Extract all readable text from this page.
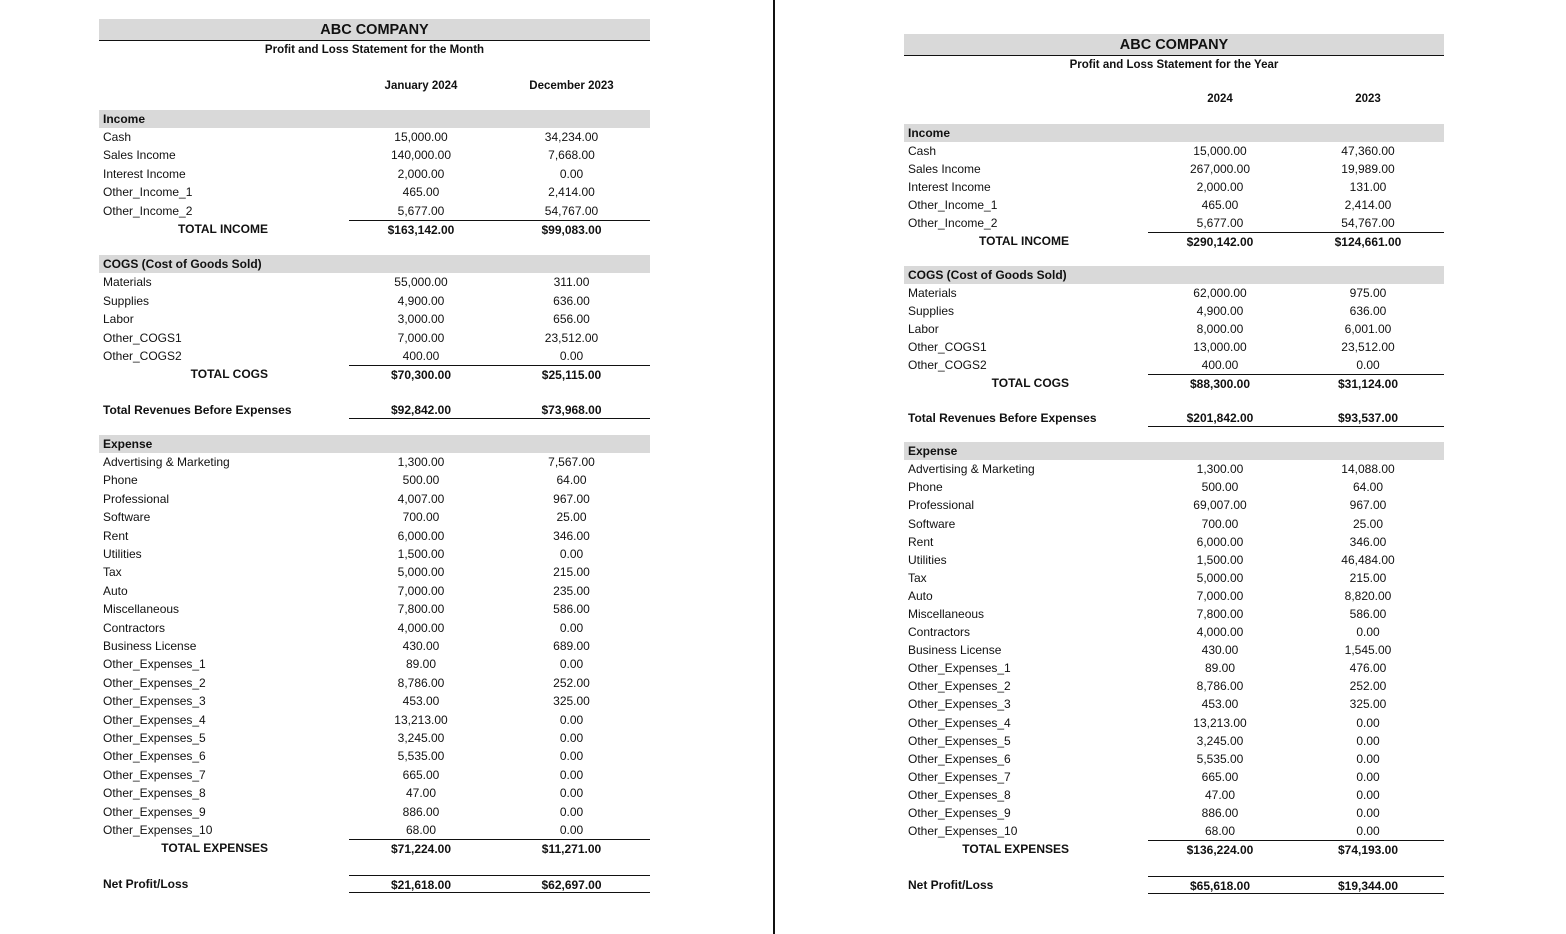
ABC COMPANY
Profit and Loss Statement for the Month
January 2024	December 2023
Income
Cash	15,000.00	34,234.00
Sales Income	140,000.00	7,668.00
Interest Income	2,000.00	0.00
Other_Income_1	465.00	2,414.00
Other_Income_2	5,677.00	54,767.00
TOTAL INCOME	$163,142.00	$99,083.00
COGS (Cost of Goods Sold)
Materials	55,000.00	311.00
Supplies	4,900.00	636.00
Labor	3,000.00	656.00
Other_COGS1	7,000.00	23,512.00
Other_COGS2	400.00	0.00
TOTAL COGS	$70,300.00	$25,115.00
Total Revenues Before Expenses	$92,842.00	$73,968.00
Expense
Advertising & Marketing	1,300.00	7,567.00
Phone	500.00	64.00
Professional	4,007.00	967.00
Software	700.00	25.00
Rent	6,000.00	346.00
Utilities	1,500.00	0.00
Tax	5,000.00	215.00
Auto	7,000.00	235.00
Miscellaneous	7,800.00	586.00
Contractors	4,000.00	0.00
Business License	430.00	689.00
Other_Expenses_1	89.00	0.00
Other_Expenses_2	8,786.00	252.00
Other_Expenses_3	453.00	325.00
Other_Expenses_4	13,213.00	0.00
Other_Expenses_5	3,245.00	0.00
Other_Expenses_6	5,535.00	0.00
Other_Expenses_7	665.00	0.00
Other_Expenses_8	47.00	0.00
Other_Expenses_9	886.00	0.00
Other_Expenses_10	68.00	0.00
TOTAL EXPENSES	$71,224.00	$11,271.00
Net Profit/Loss	$21,618.00	$62,697.00
ABC COMPANY
Profit and Loss Statement for the Year
2024	2023
Income
Cash	15,000.00	47,360.00
Sales Income	267,000.00	19,989.00
Interest Income	2,000.00	131.00
Other_Income_1	465.00	2,414.00
Other_Income_2	5,677.00	54,767.00
TOTAL INCOME	$290,142.00	$124,661.00
COGS (Cost of Goods Sold)
Materials	62,000.00	975.00
Supplies	4,900.00	636.00
Labor	8,000.00	6,001.00
Other_COGS1	13,000.00	23,512.00
Other_COGS2	400.00	0.00
TOTAL COGS	$88,300.00	$31,124.00
Total Revenues Before Expenses	$201,842.00	$93,537.00
Expense
Advertising & Marketing	1,300.00	14,088.00
Phone	500.00	64.00
Professional	69,007.00	967.00
Software	700.00	25.00
Rent	6,000.00	346.00
Utilities	1,500.00	46,484.00
Tax	5,000.00	215.00
Auto	7,000.00	8,820.00
Miscellaneous	7,800.00	586.00
Contractors	4,000.00	0.00
Business License	430.00	1,545.00
Other_Expenses_1	89.00	476.00
Other_Expenses_2	8,786.00	252.00
Other_Expenses_3	453.00	325.00
Other_Expenses_4	13,213.00	0.00
Other_Expenses_5	3,245.00	0.00
Other_Expenses_6	5,535.00	0.00
Other_Expenses_7	665.00	0.00
Other_Expenses_8	47.00	0.00
Other_Expenses_9	886.00	0.00
Other_Expenses_10	68.00	0.00
TOTAL EXPENSES	$136,224.00	$74,193.00
Net Profit/Loss	$65,618.00	$19,344.00
